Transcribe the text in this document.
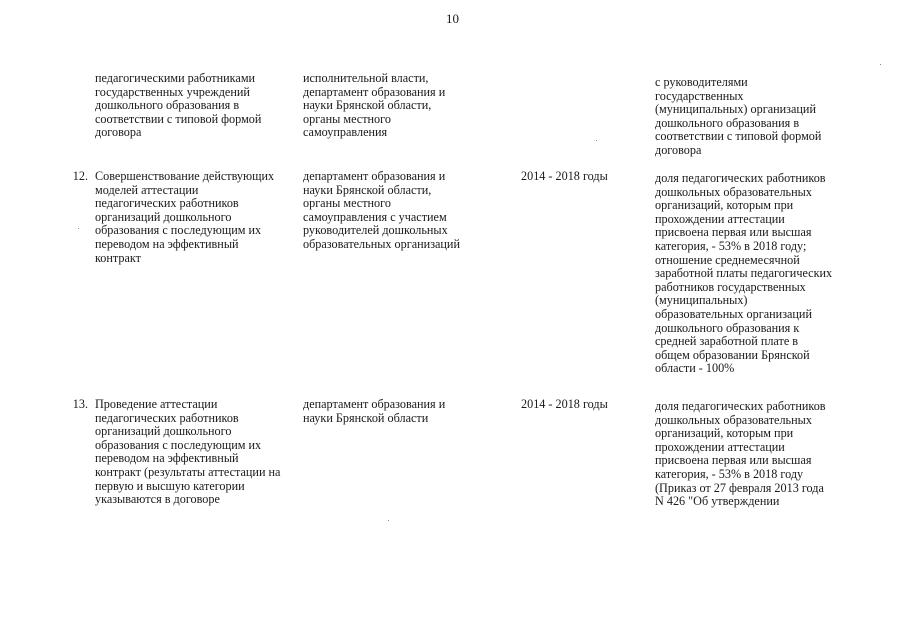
10
педагогическими работниками
государственных учреждений
дошкольного образования в
соответствии с типовой формой
договора
исполнительной власти,
департамент образования и
науки Брянской области,
органы местного
самоуправления
с руководителями
государственных
(муниципальных) организаций
дошкольного образования в
соответствии с типовой формой
договора
12. Совершенствование действующих
моделей аттестации
педагогических работников
организаций дошкольного
образования с последующим их
переводом на эффективный
контракт
департамент образования и
науки Брянской области,
органы местного
самоуправления с участием
руководителей дошкольных
образовательных организаций
2014 - 2018 годы	доля педагогических работников
дошкольных образовательных
организаций, которым при
прохождении аттестации
присвоена первая или высшая
категория, - 53% в 2018 году;
отношение среднемесячной
заработной платы педагогических
работников государственных
(муниципальных)
образовательных организаций
дошкольного образования к
средней заработной плате в
общем образовании Брянской
области - 100%
13. Проведение аттестации
педагогических работников
организаций дошкольного
образования с последующим их
переводом на эффективный
контракт (результаты аттестации на
первую и высшую категории
указываются в договоре
департамент образования и
науки Брянской области
2014 - 2018 годы	доля педагогических работников
дошкольных образовательных
организаций, которым при
прохождении аттестации
присвоена первая или высшая
категория, - 53% в 2018 году
(Приказ от 27 февраля 2013 года
N 426 "Об утверждении
